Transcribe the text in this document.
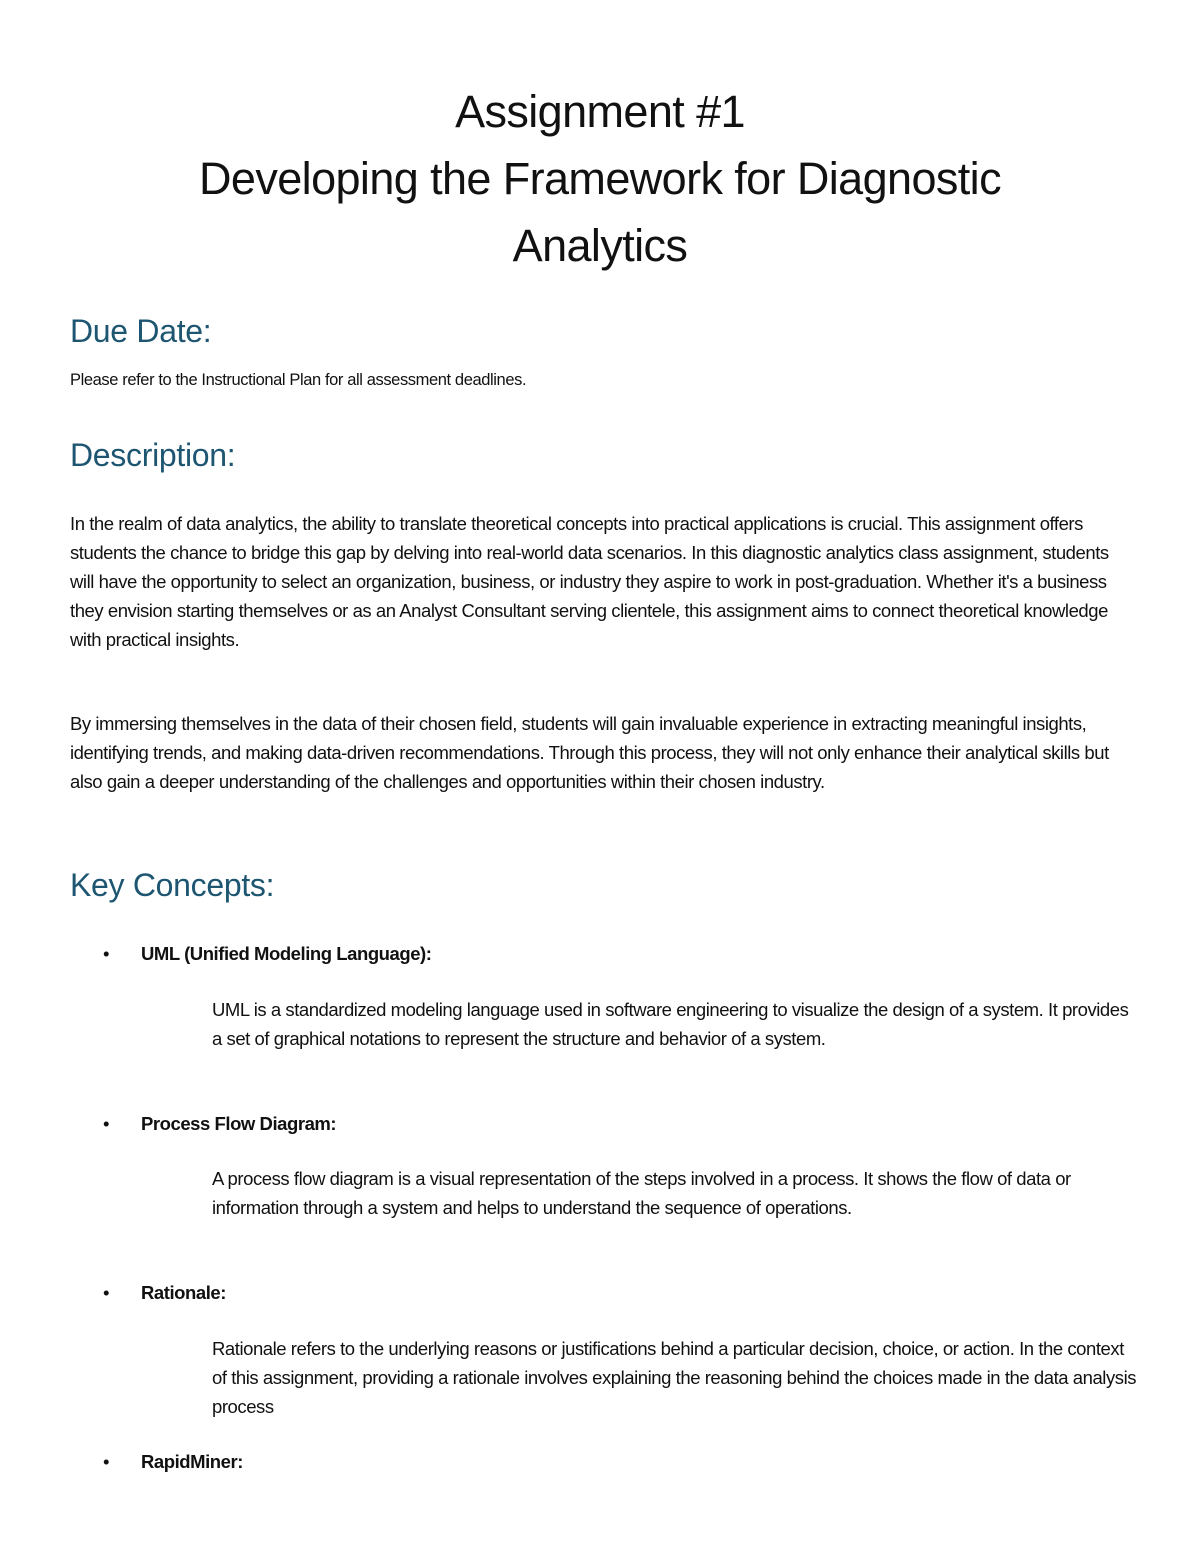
Assignment #1
Developing the Framework for Diagnostic
Analytics
Due Date:

Please refer to the Instructional Plan for all assessment deadlines.

Description:

In the realm of data analytics, the ability to translate theoretical concepts into practical applications is crucial. This assignment offers students the chance to bridge this gap by delving into real-world data scenarios. In this diagnostic analytics class assignment, students will have the opportunity to select an organization, business, or industry they aspire to work in post-graduation. Whether it's a business they envision starting themselves or as an Analyst Consultant serving clientele, this assignment aims to connect theoretical knowledge with practical insights.

By immersing themselves in the data of their chosen field, students will gain invaluable experience in extracting meaningful insights, identifying trends, and making data-driven recommendations. Through this process, they will not only enhance their analytical skills but also gain a deeper understanding of the challenges and opportunities within their chosen industry.

Key Concepts:
• UML (Unified Modeling Language):

UML is a standardized modeling language used in software engineering to visualize the design of a system. It provides a set of graphical notations to represent the structure and behavior of a system.

• Process Flow Diagram:

A process flow diagram is a visual representation of the steps involved in a process. It shows the flow of data or information through a system and helps to understand the sequence of operations.

• Rationale:

Rationale refers to the underlying reasons or justifications behind a particular decision, choice, or action. In the context of this assignment, providing a rationale involves explaining the reasoning behind the choices made in the data analysis process

• RapidMiner:
